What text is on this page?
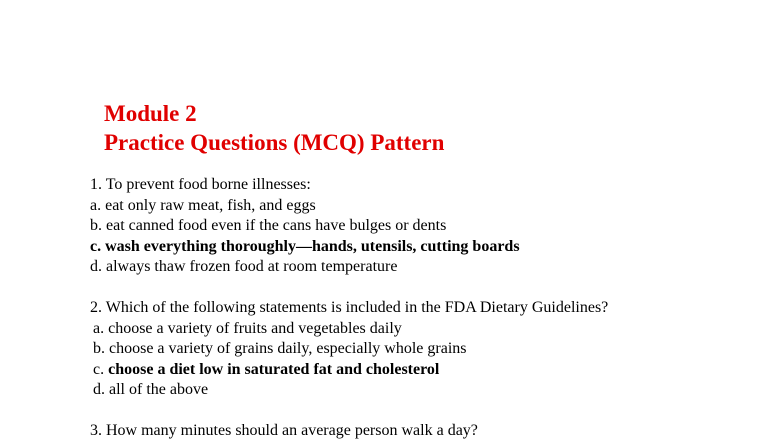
Module 2
Practice Questions (MCQ) Pattern
1. To prevent food borne illnesses:
a. eat only raw meat, fish, and eggs
b. eat canned food even if the cans have bulges or dents
c. wash everything thoroughly—hands, utensils, cutting boards
d. always thaw frozen food at room temperature
2. Which of the following statements is included in the FDA Dietary Guidelines?
a. choose a variety of fruits and vegetables daily
b. choose a variety of grains daily, especially whole grains
c. choose a diet low in saturated fat and cholesterol
d. all of the above
3. How many minutes should an average person walk a day?
